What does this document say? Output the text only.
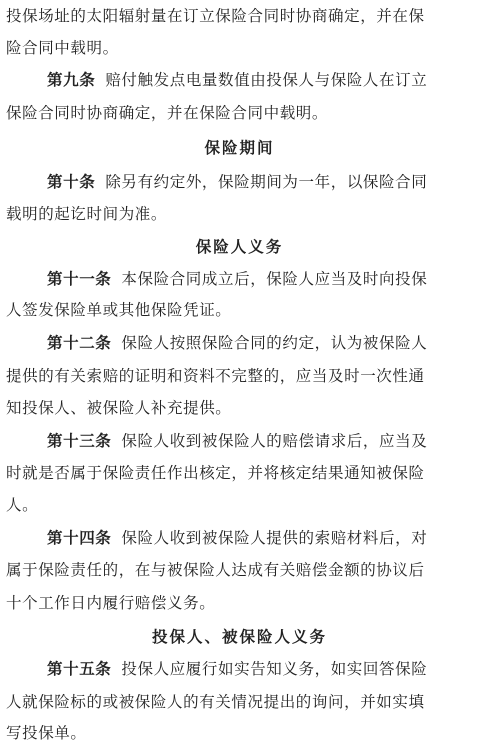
投保场址的太阳辐射量在订立保险合同时协商确定，并在保
险合同中载明。
第九条 赔付触发点电量数值由投保人与保险人在订立
保险合同时协商确定，并在保险合同中载明。
保险期间
第十条 除另有约定外，保险期间为一年，以保险合同
载明的起讫时间为准。
保险人义务
第十一条 本保险合同成立后，保险人应当及时向投保
人签发保险单或其他保险凭证。
第十二条 保险人按照保险合同的约定，认为被保险人
提供的有关索赔的证明和资料不完整的，应当及时一次性通
知投保人、被保险人补充提供。
第十三条 保险人收到被保险人的赔偿请求后，应当及
时就是否属于保险责任作出核定，并将核定结果通知被保险
人。
第十四条 保险人收到被保险人提供的索赔材料后，对
属于保险责任的，在与被保险人达成有关赔偿金额的协议后
十个工作日内履行赔偿义务。
投保人、被保险人义务
第十五条 投保人应履行如实告知义务，如实回答保险
人就保险标的或被保险人的有关情况提出的询问，并如实填
写投保单。
